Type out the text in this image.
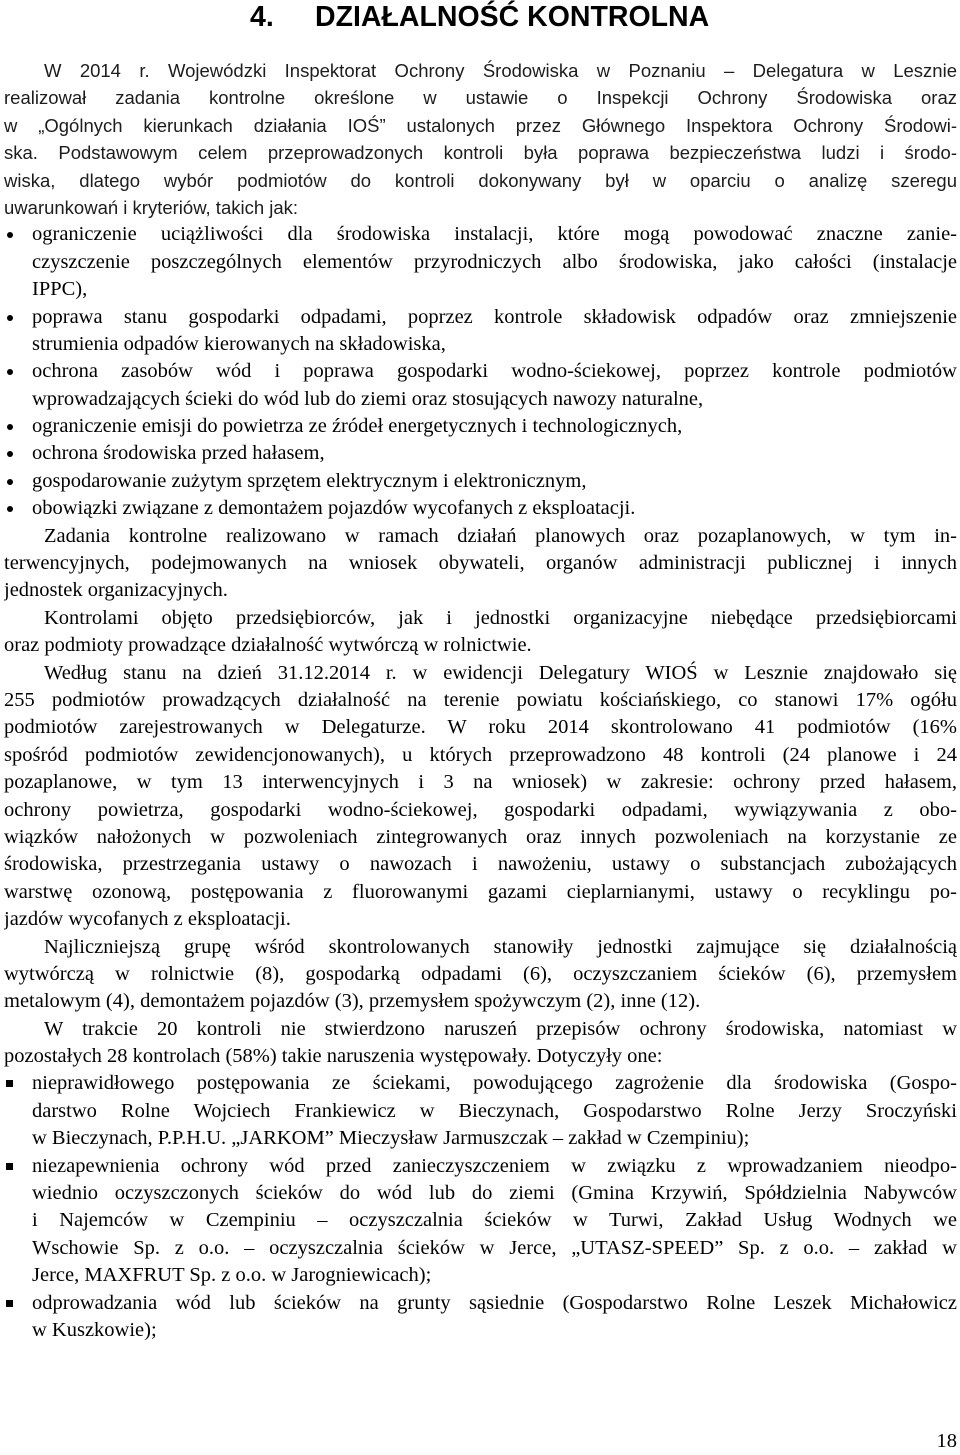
4. DZIAŁALNOŚĆ KONTROLNA
W 2014 r. Wojewódzki Inspektorat Ochrony Środowiska w Poznaniu – Delegatura w Lesznie
realizował zadania kontrolne określone w ustawie o Inspekcji Ochrony Środowiska oraz
w „Ogólnych kierunkach działania IOŚ” ustalonych przez Głównego Inspektora Ochrony Środowi-
ska. Podstawowym celem przeprowadzonych kontroli była poprawa bezpieczeństwa ludzi i środo-
wiska, dlatego wybór podmiotów do kontroli dokonywany był w oparciu o analizę szeregu
uwarunkowań i kryteriów, takich jak:
ograniczenie uciążliwości dla środowiska instalacji, które mogą powodować znaczne zanie-
czyszczenie poszczególnych elementów przyrodniczych albo środowiska, jako całości (instalacje
IPPC),
poprawa stanu gospodarki odpadami, poprzez kontrole składowisk odpadów oraz zmniejszenie
strumienia odpadów kierowanych na składowiska,
ochrona zasobów wód i poprawa gospodarki wodno-ściekowej, poprzez kontrole podmiotów
wprowadzających ścieki do wód lub do ziemi oraz stosujących nawozy naturalne,
ograniczenie emisji do powietrza ze źródeł energetycznych i technologicznych,
ochrona środowiska przed hałasem,
gospodarowanie zużytym sprzętem elektrycznym i elektronicznym,
obowiązki związane z demontażem pojazdów wycofanych z eksploatacji.
Zadania kontrolne realizowano w ramach działań planowych oraz pozaplanowych, w tym in-
terwencyjnych, podejmowanych na wniosek obywateli, organów administracji publicznej i innych
jednostek organizacyjnych.
Kontrolami objęto przedsiębiorców, jak i jednostki organizacyjne niebędące przedsiębiorcami
oraz podmioty prowadzące działalność wytwórczą w rolnictwie.
Według stanu na dzień 31.12.2014 r. w ewidencji Delegatury WIOŚ w Lesznie znajdowało się
255 podmiotów prowadzących działalność na terenie powiatu kościańskiego, co stanowi 17% ogółu
podmiotów zarejestrowanych w Delegaturze. W roku 2014 skontrolowano 41 podmiotów (16%
spośród podmiotów zewidencjonowanych), u których przeprowadzono 48 kontroli (24 planowe i 24
pozaplanowe, w tym 13 interwencyjnych i 3 na wniosek) w zakresie: ochrony przed hałasem,
ochrony powietrza, gospodarki wodno-ściekowej, gospodarki odpadami, wywiązywania z obo-
wiązków nałożonych w pozwoleniach zintegrowanych oraz innych pozwoleniach na korzystanie ze
środowiska, przestrzegania ustawy o nawozach i nawożeniu, ustawy o substancjach zubożających
warstwę ozonową, postępowania z fluorowanymi gazami cieplarnianymi, ustawy o recyklingu po-
jazdów wycofanych z eksploatacji.
Najliczniejszą grupę wśród skontrolowanych stanowiły jednostki zajmujące się działalnością
wytwórczą w rolnictwie (8), gospodarką odpadami (6), oczyszczaniem ścieków (6), przemysłem
metalowym (4), demontażem pojazdów (3), przemysłem spożywczym (2), inne (12).
W trakcie 20 kontroli nie stwierdzono naruszeń przepisów ochrony środowiska, natomiast w
pozostałych 28 kontrolach (58%) takie naruszenia występowały. Dotyczyły one:
nieprawidłowego postępowania ze ściekami, powodującego zagrożenie dla środowiska (Gospo-
darstwo Rolne Wojciech Frankiewicz w Bieczynach, Gospodarstwo Rolne Jerzy Sroczyński
w Bieczynach, P.P.H.U. „JARKOM” Mieczysław Jarmuszczak – zakład w Czempiniu);
niezapewnienia ochrony wód przed zanieczyszczeniem w związku z wprowadzaniem nieodpo-
wiednio oczyszczonych ścieków do wód lub do ziemi (Gmina Krzywiń, Spółdzielnia Nabywców
i Najemców w Czempiniu – oczyszczalnia ścieków w Turwi, Zakład Usług Wodnych we
Wschowie Sp. z o.o. – oczyszczalnia ścieków w Jerce, „UTASZ-SPEED” Sp. z o.o. – zakład w
Jerce, MAXFRUT Sp. z o.o. w Jarogniewicach);
odprowadzania wód lub ścieków na grunty sąsiednie (Gospodarstwo Rolne Leszek Michałowicz
w Kuszkowie);
18
